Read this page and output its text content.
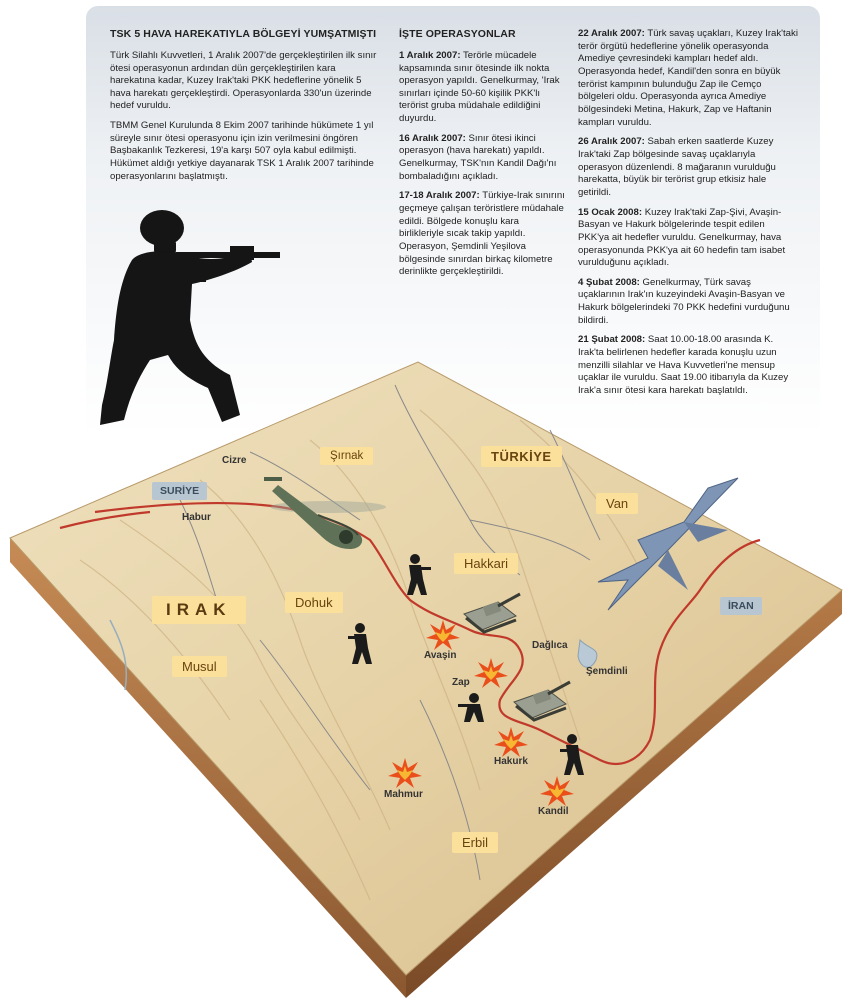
TSK 5 HAVA HAREKATIYLA BÖLGEYİ YUMŞATMIŞTI

Türk Silahlı Kuvvetleri, 1 Aralık 2007'de gerçekleştirilen ilk sınır ötesi operasyonun ardından dün gerçekleştirilen kara harekatına kadar, Kuzey Irak'taki PKK hedeflerine yönelik 5 hava harekatı gerçekleştirdi. Operasyonlarda 330'un üzerinde hedef vuruldu.

TBMM Genel Kurulunda 8 Ekim 2007 tarihinde hükümete 1 yıl süreyle sınır ötesi operasyonu için izin verilmesini öngören Başbakanlık Tezkeresi, 19'a karşı 507 oyla kabul edilmişti. Hükümet aldığı yetkiye dayanarak TSK 1 Aralık 2007 tarihinde operasyonlarını başlatmıştı.

İŞTE OPERASYONLAR

1 Aralık 2007: Terörle mücadele kapsamında sınır ötesinde ilk nokta operasyon yapıldı. Genelkurmay, 'Irak sınırları içinde 50-60 kişilik PKK'lı terörist gruba müdahale edildiğini duyurdu.

16 Aralık 2007: Sınır ötesi ikinci operasyon (hava harekatı) yapıldı. Genelkurmay, TSK'nın Kandil Dağı'nı bombaladığını açıkladı.

17-18 Aralık 2007: Türkiye-Irak sınırını geçmeye çalışan teröristlere müdahale edildi. Bölgede konuşlu kara birlikleriyle sıcak takip yapıldı. Operasyon, Şemdinli Yeşilova bölgesinde sınırdan birkaç kilometre derinlikte gerçekleştirildi.

22 Aralık 2007: Türk savaş uçakları, Kuzey Irak'taki terör örgütü hedeflerine yönelik operasyonda Amediye çevresindeki kampları hedef aldı. Operasyonda hedef, Kandil'den sonra en büyük terörist kampının bulunduğu Zap ile Cemço bölgeleri oldu. Operasyonda ayrıca Amediye bölgesindeki Metina, Hakurk, Zap ve Haftanin kampları vuruldu.

26 Aralık 2007: Sabah erken saatlerde Kuzey Irak'taki Zap bölgesinde savaş uçaklarıyla operasyon düzenlendi. 8 mağaranın vurulduğu harekatta, büyük bir terörist grup etkisiz hale getirildi.

15 Ocak 2008: Kuzey Irak'taki Zap-Şivi, Avaşin-Basyan ve Hakurk bölgelerinde tespit edilen PKK'ya ait hedefler vuruldu. Genelkurmay, hava operasyonunda PKK'ya ait 60 hedefin tam isabet vurulduğunu açıkladı.

4 Şubat 2008: Genelkurmay, Türk savaş uçaklarının Irak'ın kuzeyindeki Avaşin-Basyan ve Hakurk bölgelerindeki 70 PKK hedefini vurduğunu bildirdi.

21 Şubat 2008: Saat 10.00-18.00 arasında K. Irak'ta belirlenen hedefler karada konuşlu uzun menzilli silahlar ve Hava Kuvvetleri'ne mensup uçaklar ile vuruldu. Saat 19.00 itibarıyla da Kuzey Irak'a sınır ötesi kara harekatı başlatıldı.

TÜRKİYE
IRAK
SURİYE
İRAN
Şırnak
Van
Hakkari
Dohuk
Musul
Erbil
Cizre
Habur
Dağlıca
Şemdinli
Avaşin
Zap
Hakurk
Mahmur
Kandil
